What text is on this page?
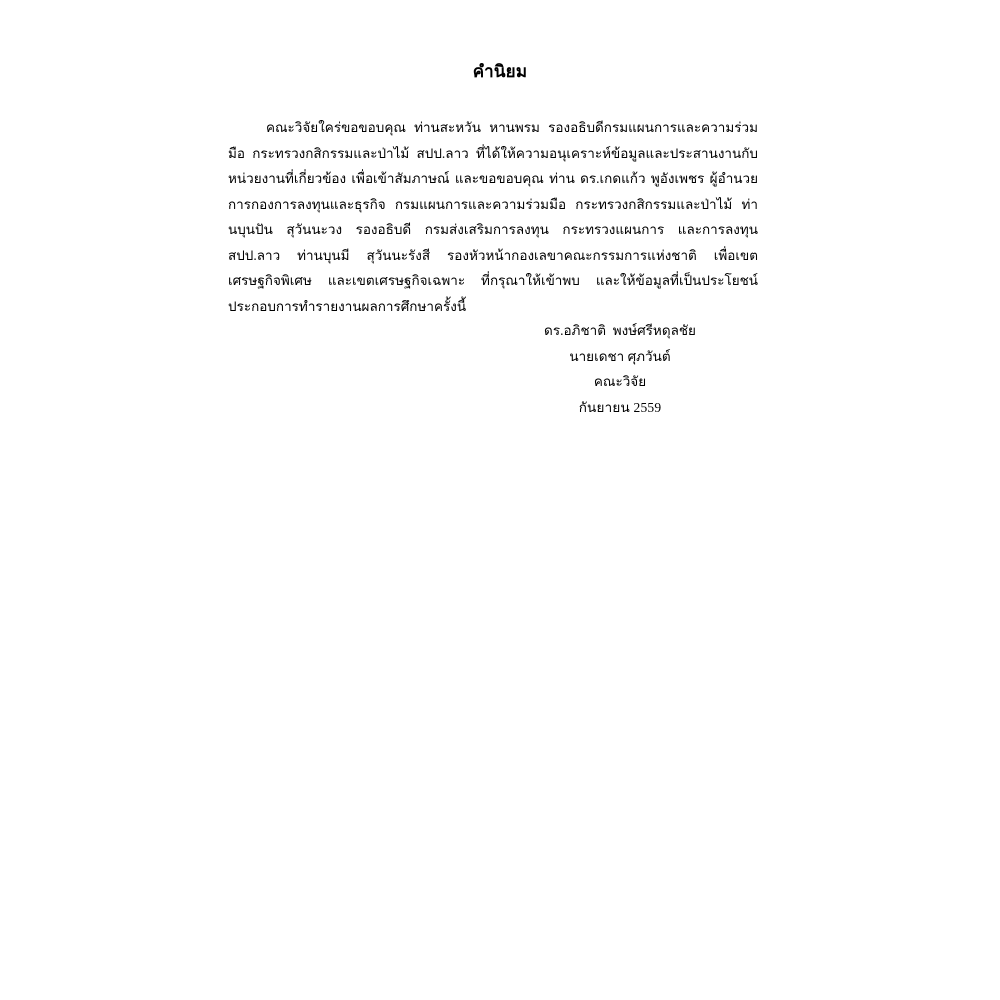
คำนิยม

คณะวิจัยใคร่ขอขอบคุณ ท่านสะหวัน หานพรม รองอธิบดีกรมแผนการและความร่วมมือ กระทรวงกสิกรรมและป่าไม้ สปป.ลาว ที่ได้ให้ความอนุเคราะห์ข้อมูลและประสานงานกับหน่วยงานที่เกี่ยวข้อง เพื่อเข้าสัมภาษณ์ และขอขอบคุณ ท่าน ดร.เกดแก้ว พูอังเพชร ผู้อำนวยการกองการลงทุนและธุรกิจ กรมแผนการและความร่วมมือ กระทรวงกสิกรรมและป่าไม้ ท่านบุนปัน สุวันนะวง รองอธิบดี กรมส่งเสริมการลงทุน กระทรวงแผนการ และการลงทุน สปป.ลาว ท่านบุนมี สุวันนะรังสี รองหัวหน้ากองเลขาคณะกรรมการแห่งชาติ เพื่อเขตเศรษฐกิจพิเศษ และเขตเศรษฐกิจเฉพาะ ที่กรุณาให้เข้าพบ และให้ข้อมูลที่เป็นประโยชน์ประกอบการทำรายงานผลการศึกษาครั้งนี้

ดร.อภิชาติ  พงษ์ศรีหดุลชัย
นายเดชา ศุภวันต์
คณะวิจัย
กันยายน 2559
